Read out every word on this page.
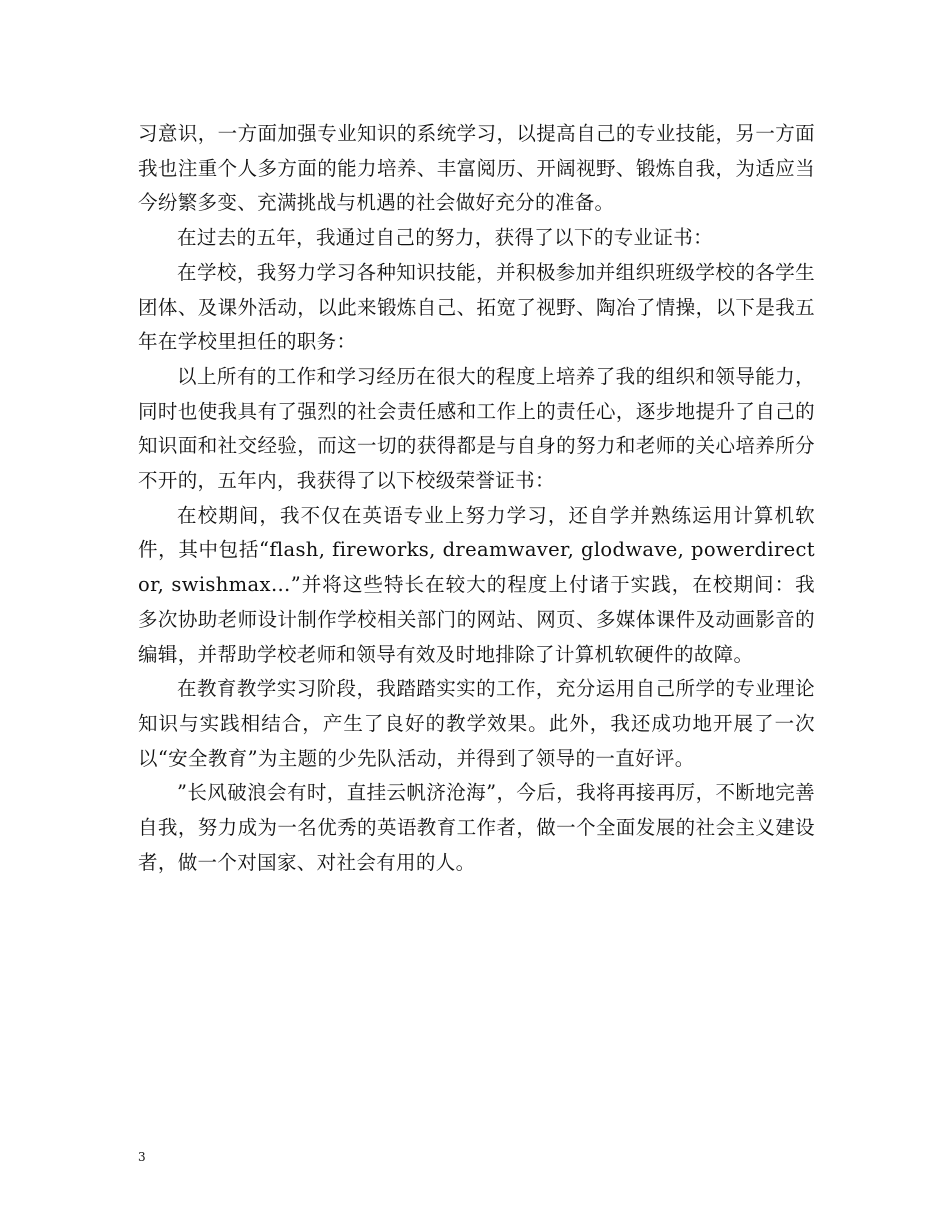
习意识，一方面加强专业知识的系统学习，以提高自己的专业技能，另一方面我也注重个人多方面的能力培养、丰富阅历、开阔视野、锻炼自我，为适应当今纷繁多变、充满挑战与机遇的社会做好充分的准备。

在过去的五年，我通过自己的努力，获得了以下的专业证书：

在学校，我努力学习各种知识技能，并积极参加并组织班级学校的各学生团体、及课外活动，以此来锻炼自己、拓宽了视野、陶冶了情操，以下是我五年在学校里担任的职务：

以上所有的工作和学习经历在很大的程度上培养了我的组织和领导能力，同时也使我具有了强烈的社会责任感和工作上的责任心，逐步地提升了自己的知识面和社交经验，而这一切的获得都是与自身的努力和老师的关心培养所分不开的，五年内，我获得了以下校级荣誉证书：

在校期间，我不仅在英语专业上努力学习，还自学并熟练运用计算机软件，其中包括“flash, fireworks, dreamwaver, glodwave, powerdirector, swishmax…”并将这些特长在较大的程度上付诸于实践，在校期间：我多次协助老师设计制作学校相关部门的网站、网页、多媒体课件及动画影音的编辑，并帮助学校老师和领导有效及时地排除了计算机软硬件的故障。

在教育教学实习阶段，我踏踏实实的工作，充分运用自己所学的专业理论知识与实践相结合，产生了良好的教学效果。此外，我还成功地开展了一次以“安全教育”为主题的少先队活动，并得到了领导的一直好评。

”长风破浪会有时，直挂云帆济沧海”，今后，我将再接再厉，不断地完善自我，努力成为一名优秀的英语教育工作者，做一个全面发展的社会主义建设者，做一个对国家、对社会有用的人。

3
